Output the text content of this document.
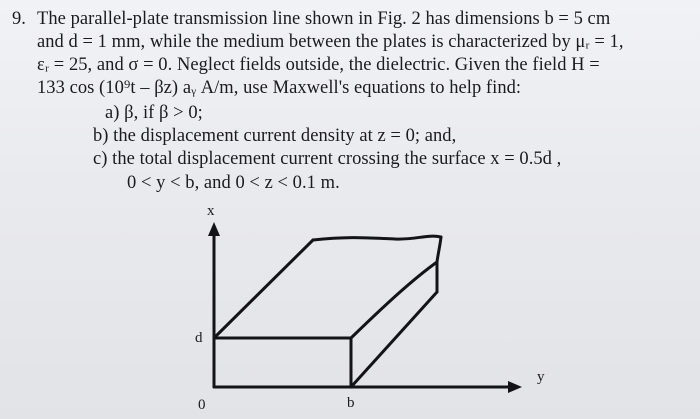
9. The parallel-plate transmission line shown in Fig. 2 has dimensions b = 5 cm
and d = 1 mm, while the medium between the plates is characterized by μᵣ = 1,
εᵣ = 25, and σ = 0. Neglect fields outside, the dielectric. Given the field H =
133 cos (10⁹t – βz) aᵧ A/m, use Maxwell's equations to help find:
a) β, if β > 0;
b) the displacement current density at z = 0; and,
c) the total displacement current crossing the surface x = 0.5d ,
0 < y < b, and 0 < z < 0.1 m.
x
d
0	b
y
